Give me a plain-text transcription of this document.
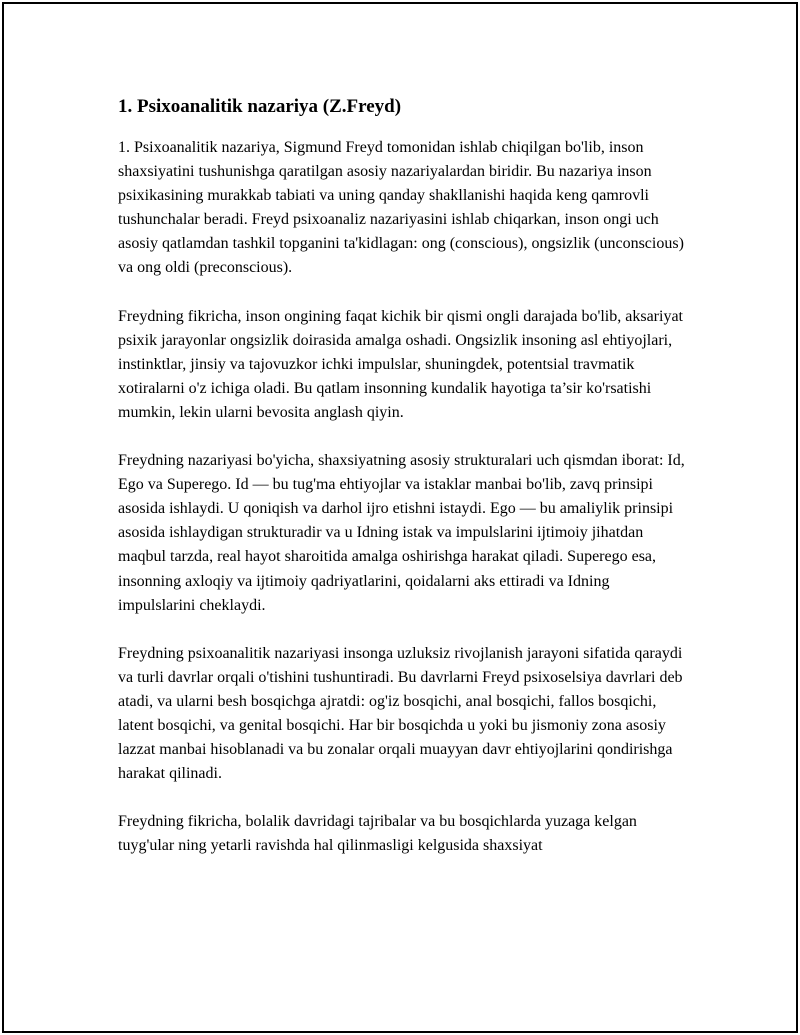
1. Psixoanalitik nazariya (Z.Freyd)

1. Psixoanalitik nazariya, Sigmund Freyd tomonidan ishlab chiqilgan bo'lib, inson shaxsiyatini tushunishga qaratilgan asosiy nazariyalardan biridir. Bu nazariya inson psixikasining murakkab tabiati va uning qanday shakllanishi haqida keng qamrovli tushunchalar beradi. Freyd psixoanaliz nazariyasini ishlab chiqarkan, inson ongi uch asosiy qatlamdan tashkil topganini ta'kidlagan: ong (conscious), ongsizlik (unconscious) va ong oldi (preconscious).

Freydning fikricha, inson ongining faqat kichik bir qismi ongli darajada bo'lib, aksariyat psixik jarayonlar ongsizlik doirasida amalga oshadi. Ongsizlik insoning asl ehtiyojlari, instinktlar, jinsiy va tajovuzkor ichki impulslar, shuningdek, potentsial travmatik xotiralarni o'z ichiga oladi. Bu qatlam insonning kundalik hayotiga ta’sir ko'rsatishi mumkin, lekin ularni bevosita anglash qiyin.

Freydning nazariyasi bo'yicha, shaxsiyatning asosiy strukturalari uch qismdan iborat: Id, Ego va Superego. Id — bu tug'ma ehtiyojlar va istaklar manbai bo'lib, zavq prinsipi asosida ishlaydi. U qoniqish va darhol ijro etishni istaydi. Ego — bu amaliylik prinsipi asosida ishlaydigan strukturadir va u Idning istak va impulslarini ijtimoiy jihatdan maqbul tarzda, real hayot sharoitida amalga oshirishga harakat qiladi. Superego esa, insonning axloqiy va ijtimoiy qadriyatlarini, qoidalarni aks ettiradi va Idning impulslarini cheklaydi.

Freydning psixoanalitik nazariyasi insonga uzluksiz rivojlanish jarayoni sifatida qaraydi va turli davrlar orqali o'tishini tushuntiradi. Bu davrlarni Freyd psixoselsiya davrlari deb atadi, va ularni besh bosqichga ajratdi: og'iz bosqichi, anal bosqichi, fallos bosqichi, latent bosqichi, va genital bosqichi. Har bir bosqichda u yoki bu jismoniy zona asosiy lazzat manbai hisoblanadi va bu zonalar orqali muayyan davr ehtiyojlarini qondirishga harakat qilinadi.

Freydning fikricha, bolalik davridagi tajribalar va bu bosqichlarda yuzaga kelgan tuyg'ular ning yetarli ravishda hal qilinmasligi kelgusida shaxsiyat
